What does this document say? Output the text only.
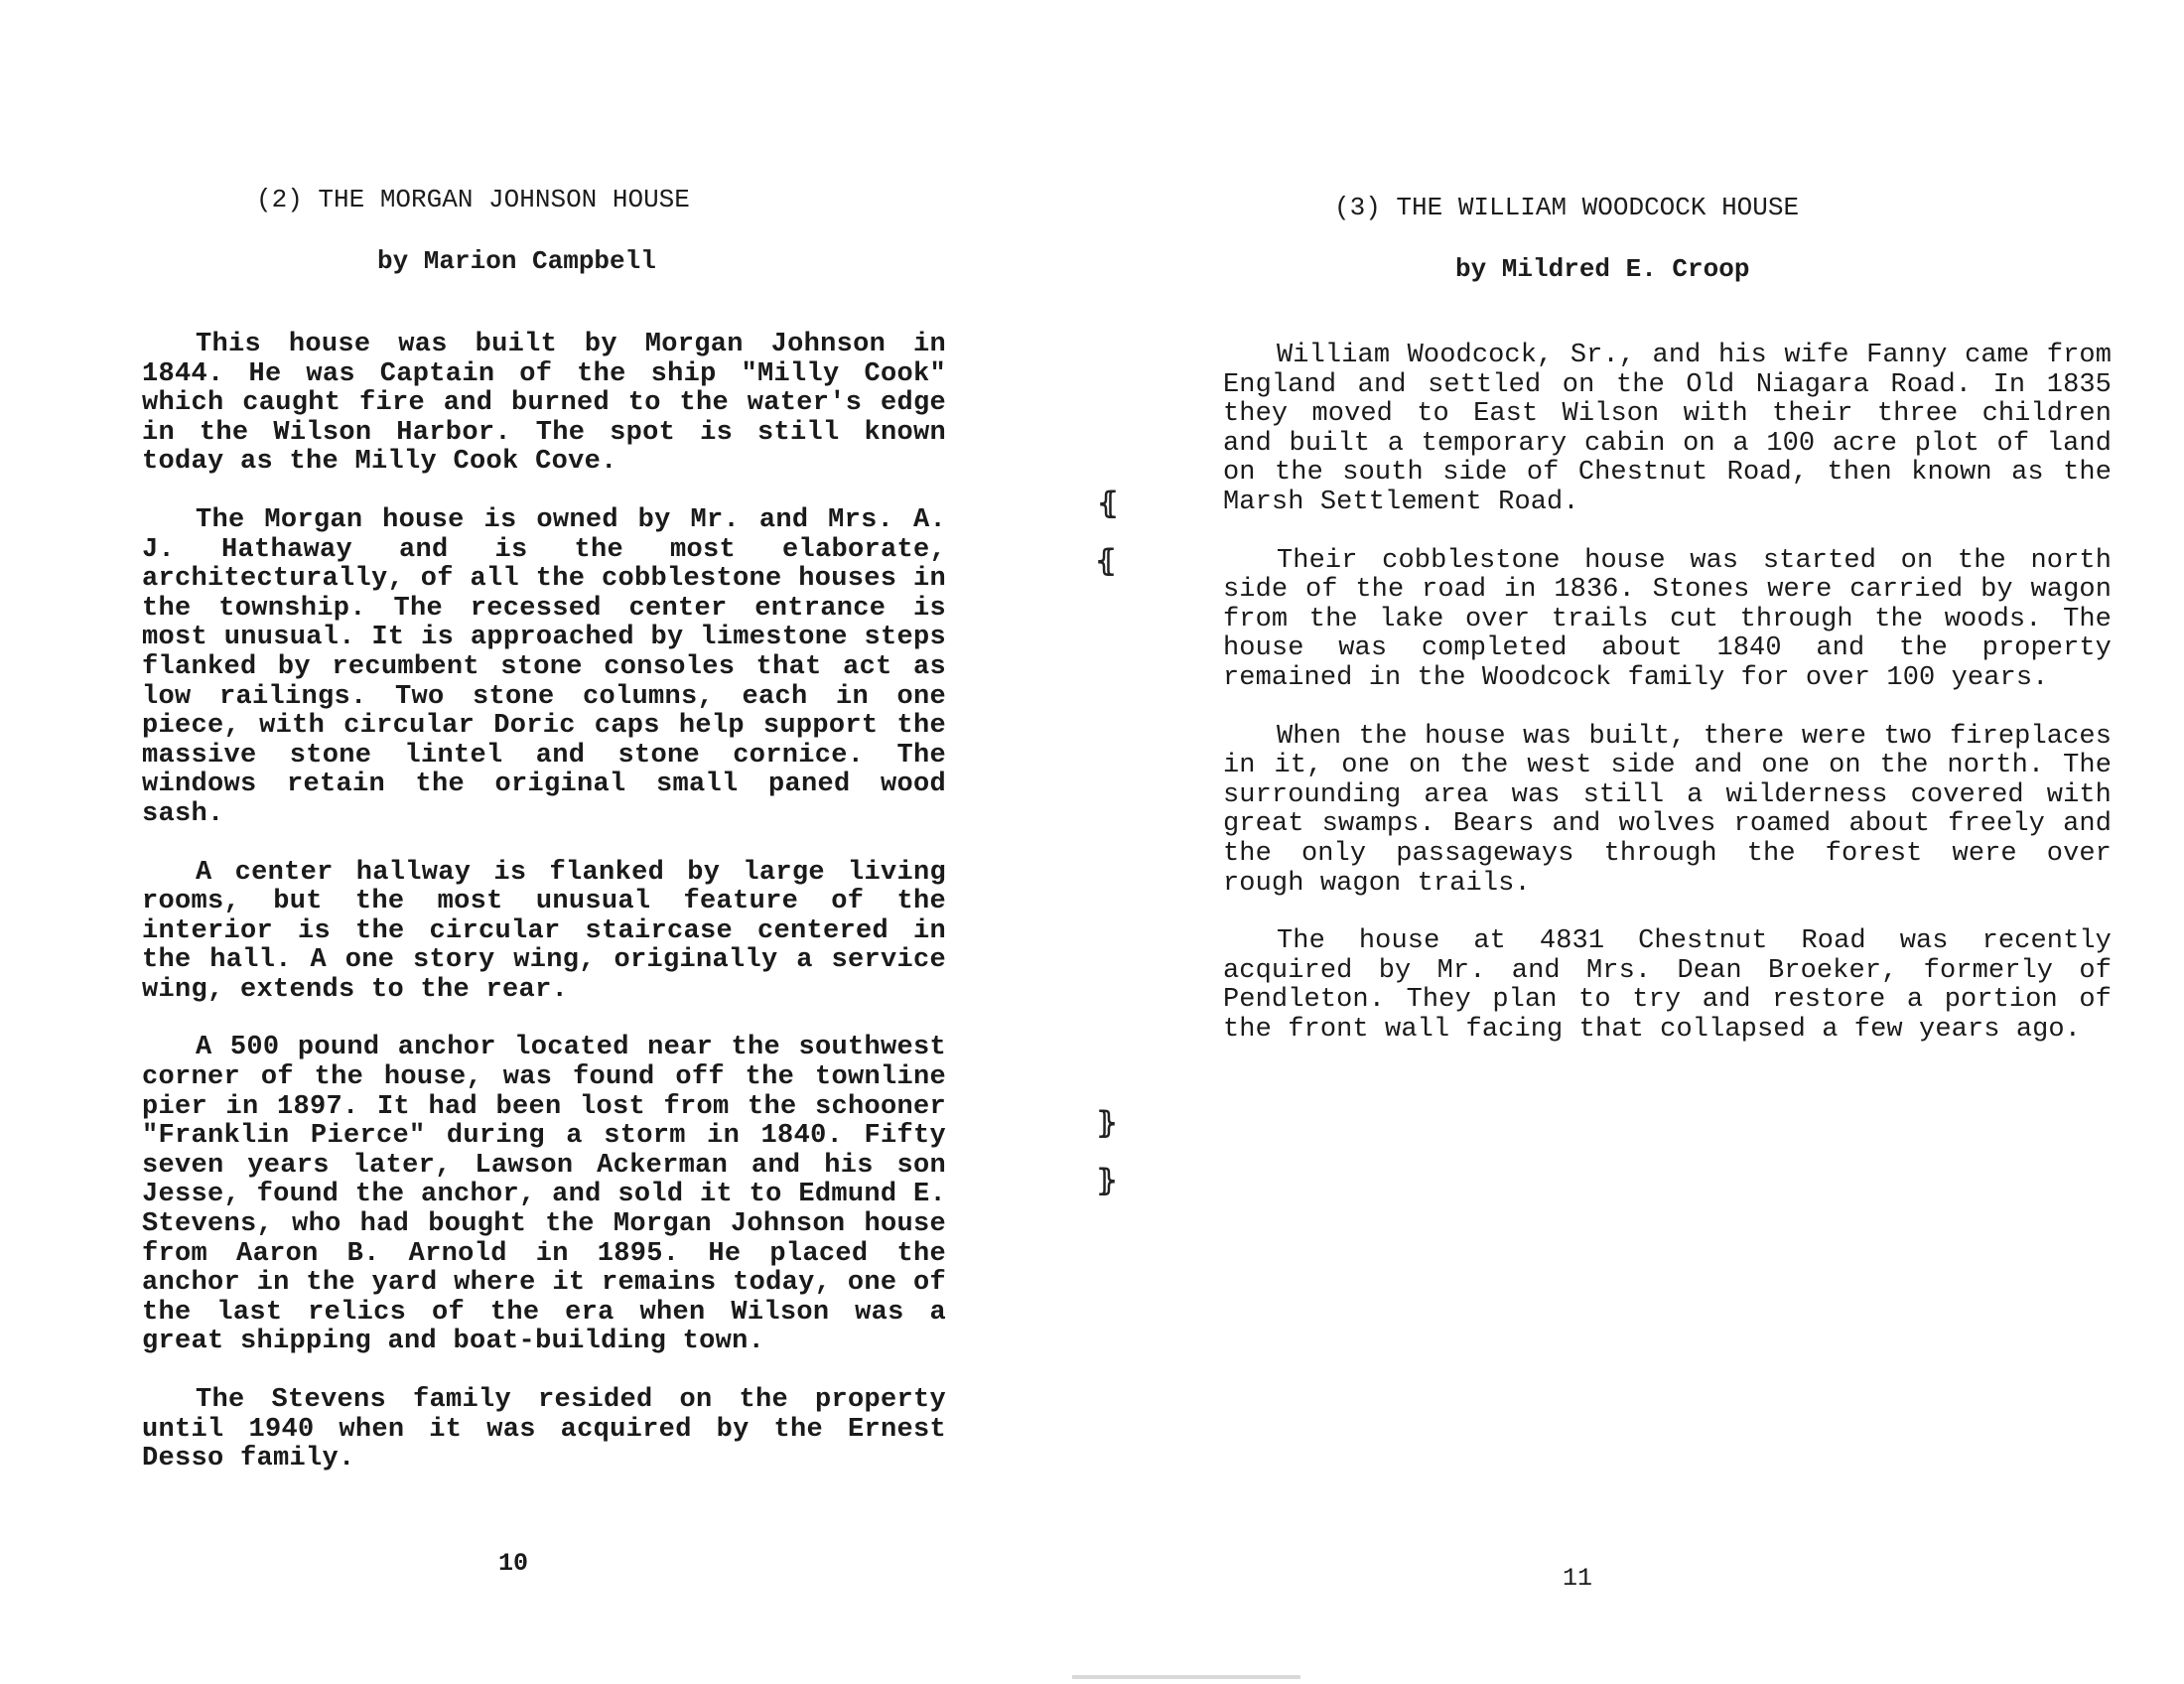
(2) THE MORGAN JOHNSON HOUSE
by Marion Campbell

This house was built by Morgan Johnson in 1844. He was Captain of the ship "Milly Cook" which caught fire and burned to the water's edge in the Wilson Harbor. The spot is still known today as the Milly Cook Cove.

The Morgan house is owned by Mr. and Mrs. A. J. Hathaway and is the most elaborate, architecturally, of all the cobblestone houses in the township. The recessed center entrance is most unusual. It is approached by limestone steps flanked by recumbent stone consoles that act as low railings. Two stone columns, each in one piece, with circular Doric caps help support the massive stone lintel and stone cornice. The windows retain the original small paned wood sash.

A center hallway is flanked by large living rooms, but the most unusual feature of the interior is the circular staircase centered in the hall. A one story wing, originally a service wing, extends to the rear.

A 500 pound anchor located near the southwest corner of the house, was found off the townline pier in 1897. It had been lost from the schooner "Franklin Pierce" during a storm in 1840. Fifty seven years later, Lawson Ackerman and his son Jesse, found the anchor, and sold it to Edmund E. Stevens, who had bought the Morgan Johnson house from Aaron B. Arnold in 1895. He placed the anchor in the yard where it remains today, one of the last relics of the era when Wilson was a great shipping and boat-building town.

The Stevens family resided on the property until 1940 when it was acquired by the Ernest Desso family.

10
⦃
⦃
⦄
⦄
(3) THE WILLIAM WOODCOCK HOUSE
by Mildred E. Croop

William Woodcock, Sr., and his wife Fanny came from England and settled on the Old Niagara Road. In 1835 they moved to East Wilson with their three children and built a temporary cabin on a 100 acre plot of land on the south side of Chestnut Road, then known as the Marsh Settlement Road.

Their cobblestone house was started on the north side of the road in 1836. Stones were carried by wagon from the lake over trails cut through the woods. The house was completed about 1840 and the property remained in the Woodcock family for over 100 years.

When the house was built, there were two fireplaces in it, one on the west side and one on the north. The surrounding area was still a wilderness covered with great swamps. Bears and wolves roamed about freely and the only passageways through the forest were over rough wagon trails.

The house at 4831 Chestnut Road was recently acquired by Mr. and Mrs. Dean Broeker, formerly of Pendleton. They plan to try and restore a portion of the front wall facing that collapsed a few years ago.

11
